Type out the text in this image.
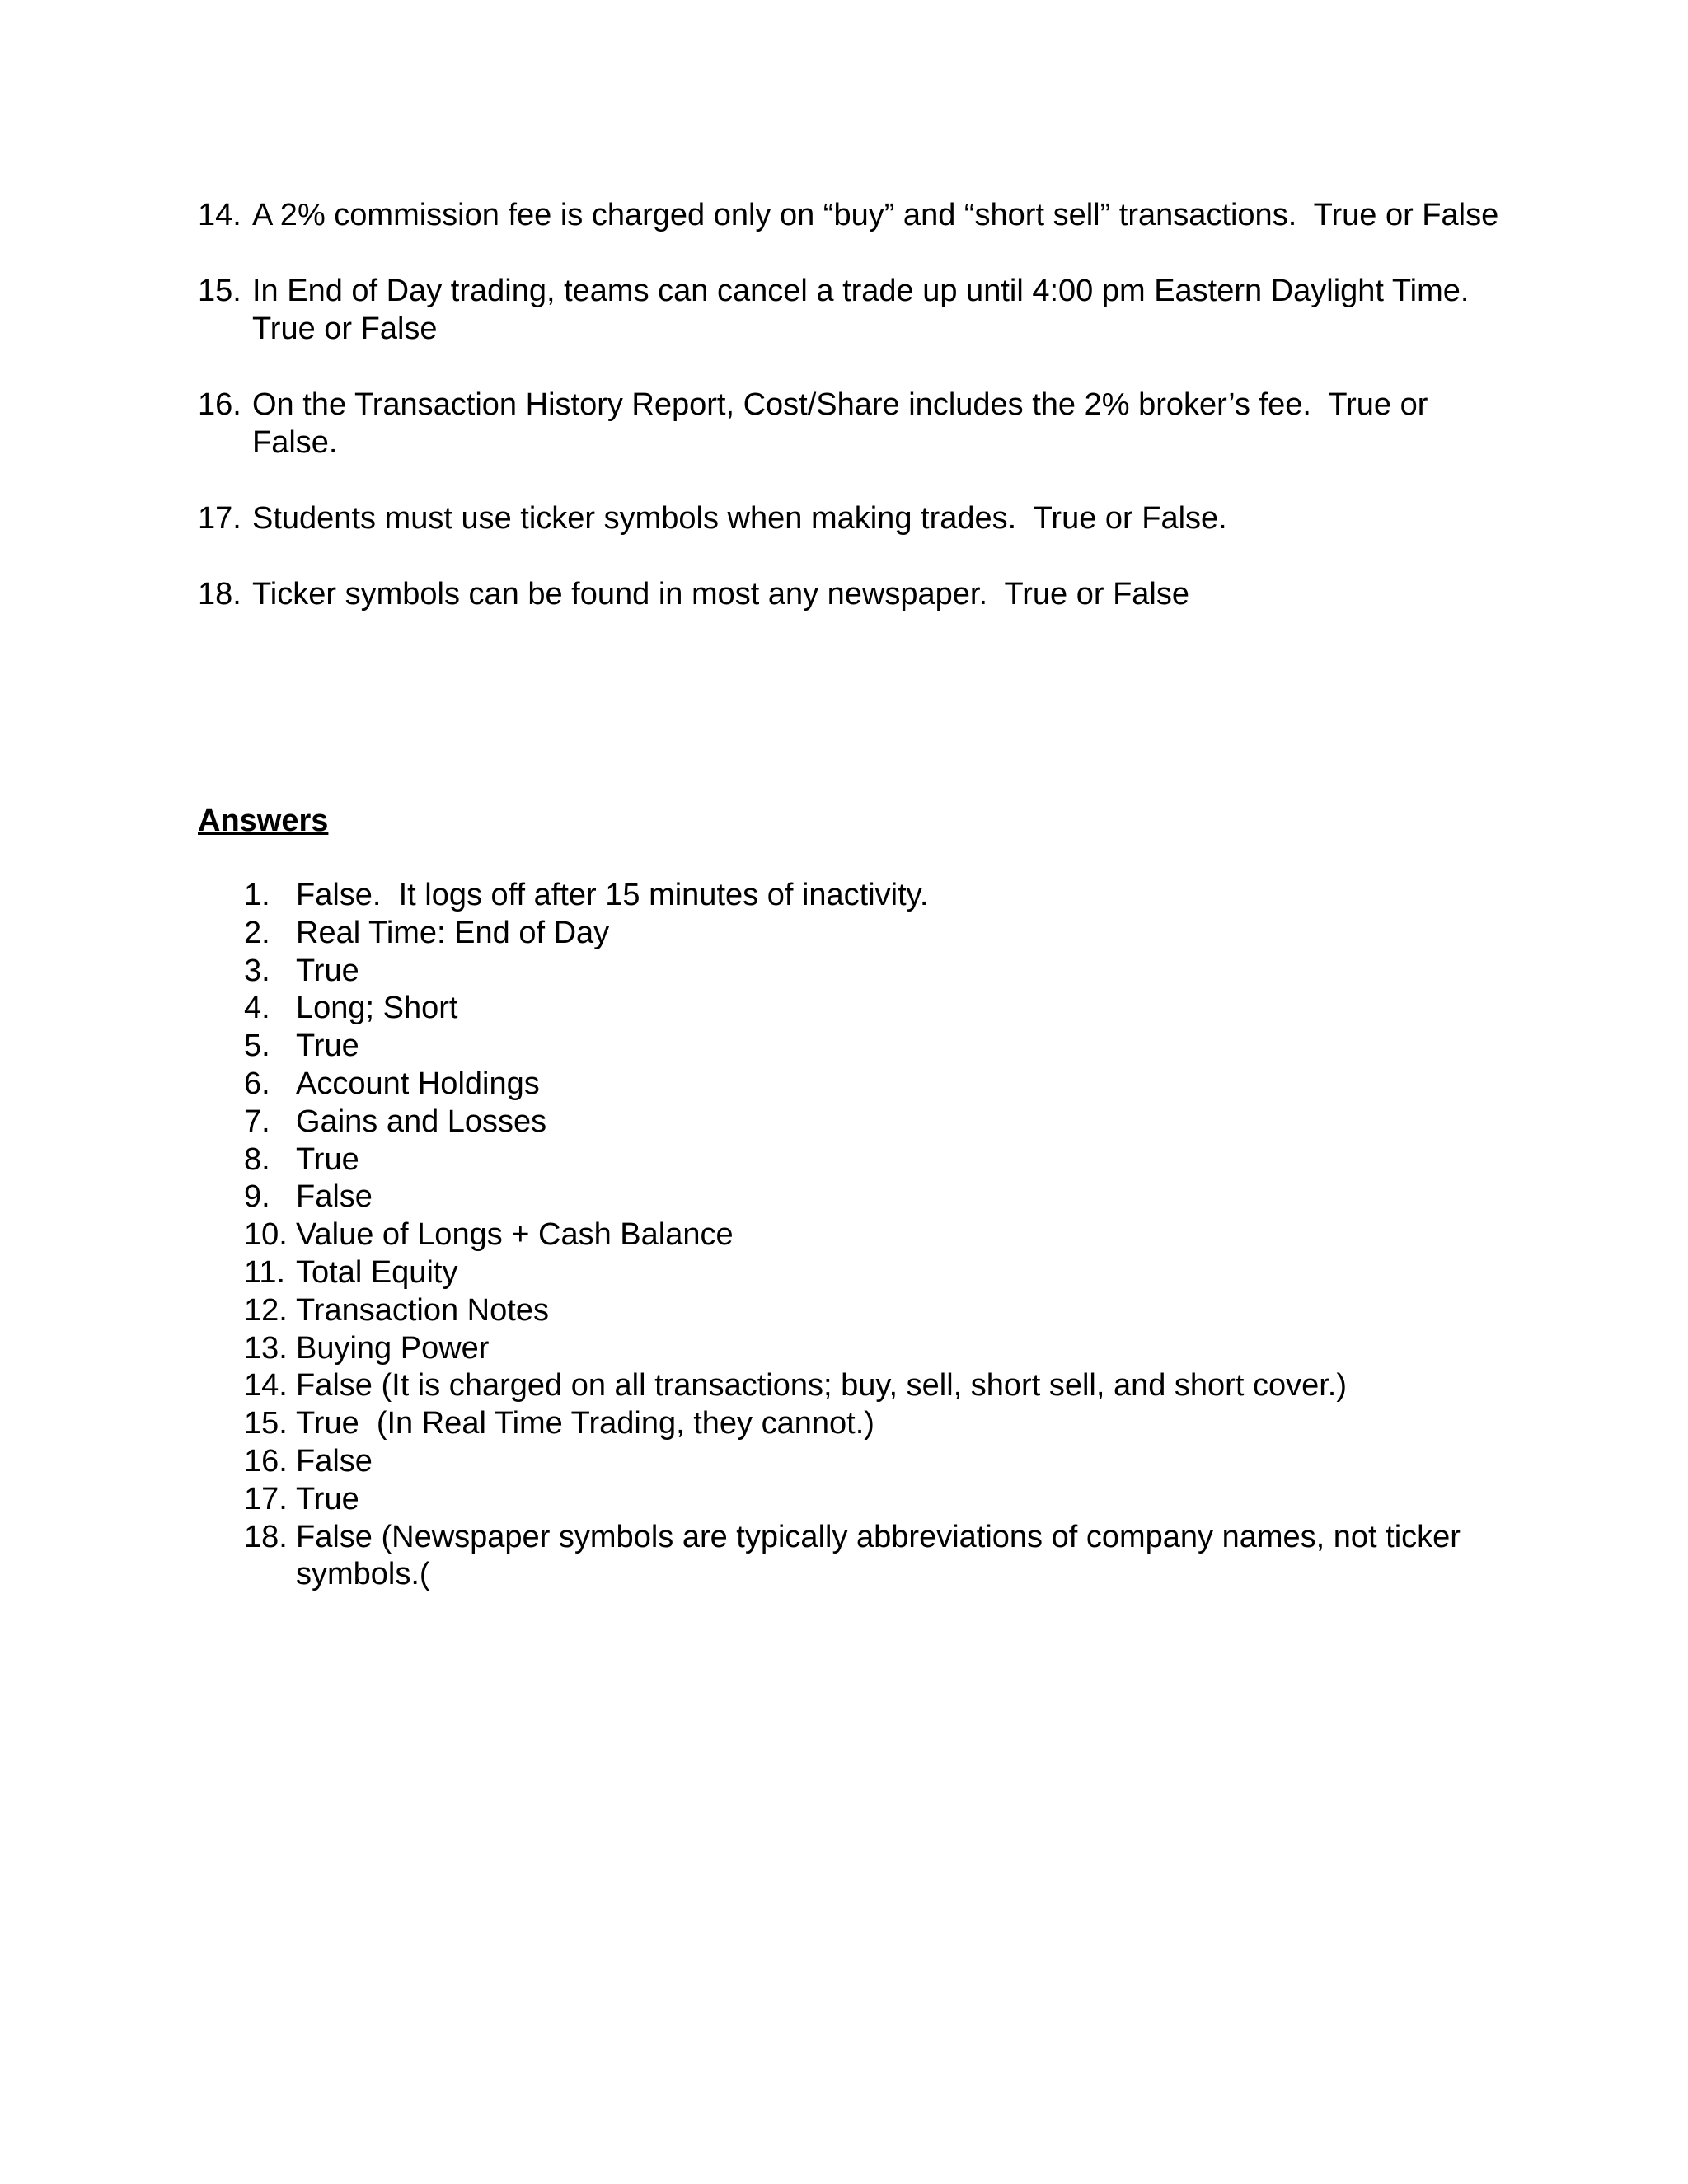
14. A 2% commission fee is charged only on “buy” and “short sell” transactions.  True or False
15. In End of Day trading, teams can cancel a trade up until 4:00 pm Eastern Daylight Time.  True or False
16. On the Transaction History Report, Cost/Share includes the 2% broker’s fee.  True or False.
17. Students must use ticker symbols when making trades.  True or False.
18. Ticker symbols can be found in most any newspaper.  True or False
Answers
1. False.  It logs off after 15 minutes of inactivity.
2. Real Time: End of Day
3. True
4. Long; Short
5. True
6. Account Holdings
7. Gains and Losses
8. True
9. False
10. Value of Longs + Cash Balance
11. Total Equity
12. Transaction Notes
13. Buying Power
14. False (It is charged on all transactions; buy, sell, short sell, and short cover.)
15. True  (In Real Time Trading, they cannot.)
16. False
17. True
18. False (Newspaper symbols are typically abbreviations of company names, not ticker symbols.(
